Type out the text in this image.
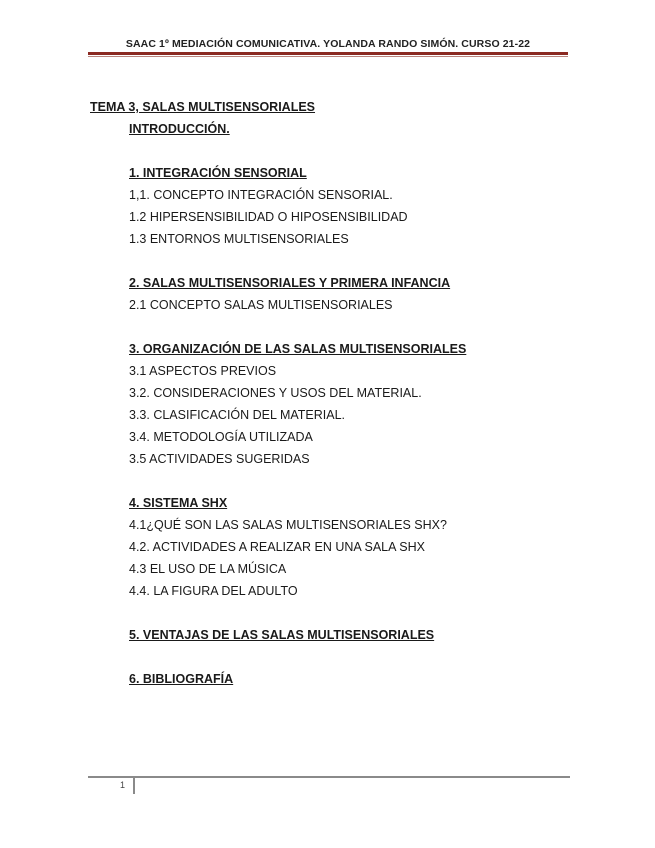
SAAC 1º MEDIACIÓN COMUNICATIVA. YOLANDA RANDO SIMÓN. CURSO 21-22
TEMA 3, SALAS MULTISENSORIALES
INTRODUCCIÓN.
1. INTEGRACIÓN SENSORIAL
1,1. CONCEPTO INTEGRACIÓN SENSORIAL.
1.2 HIPERSENSIBILIDAD O HIPOSENSIBILIDAD
1.3 ENTORNOS MULTISENSORIALES
2. SALAS MULTISENSORIALES Y PRIMERA INFANCIA
2.1 CONCEPTO SALAS MULTISENSORIALES
3. ORGANIZACIÓN DE LAS SALAS MULTISENSORIALES
3.1 ASPECTOS PREVIOS
3.2. CONSIDERACIONES Y USOS DEL MATERIAL.
3.3. CLASIFICACIÓN DEL MATERIAL.
3.4. METODOLOGÍA UTILIZADA
3.5 ACTIVIDADES SUGERIDAS
4. SISTEMA SHX
4.1¿QUÉ SON LAS SALAS MULTISENSORIALES SHX?
4.2. ACTIVIDADES A REALIZAR EN UNA SALA SHX
4.3 EL USO DE LA MÚSICA
4.4. LA FIGURA DEL ADULTO
5. VENTAJAS DE LAS SALAS MULTISENSORIALES
6. BIBLIOGRAFÍA
1
